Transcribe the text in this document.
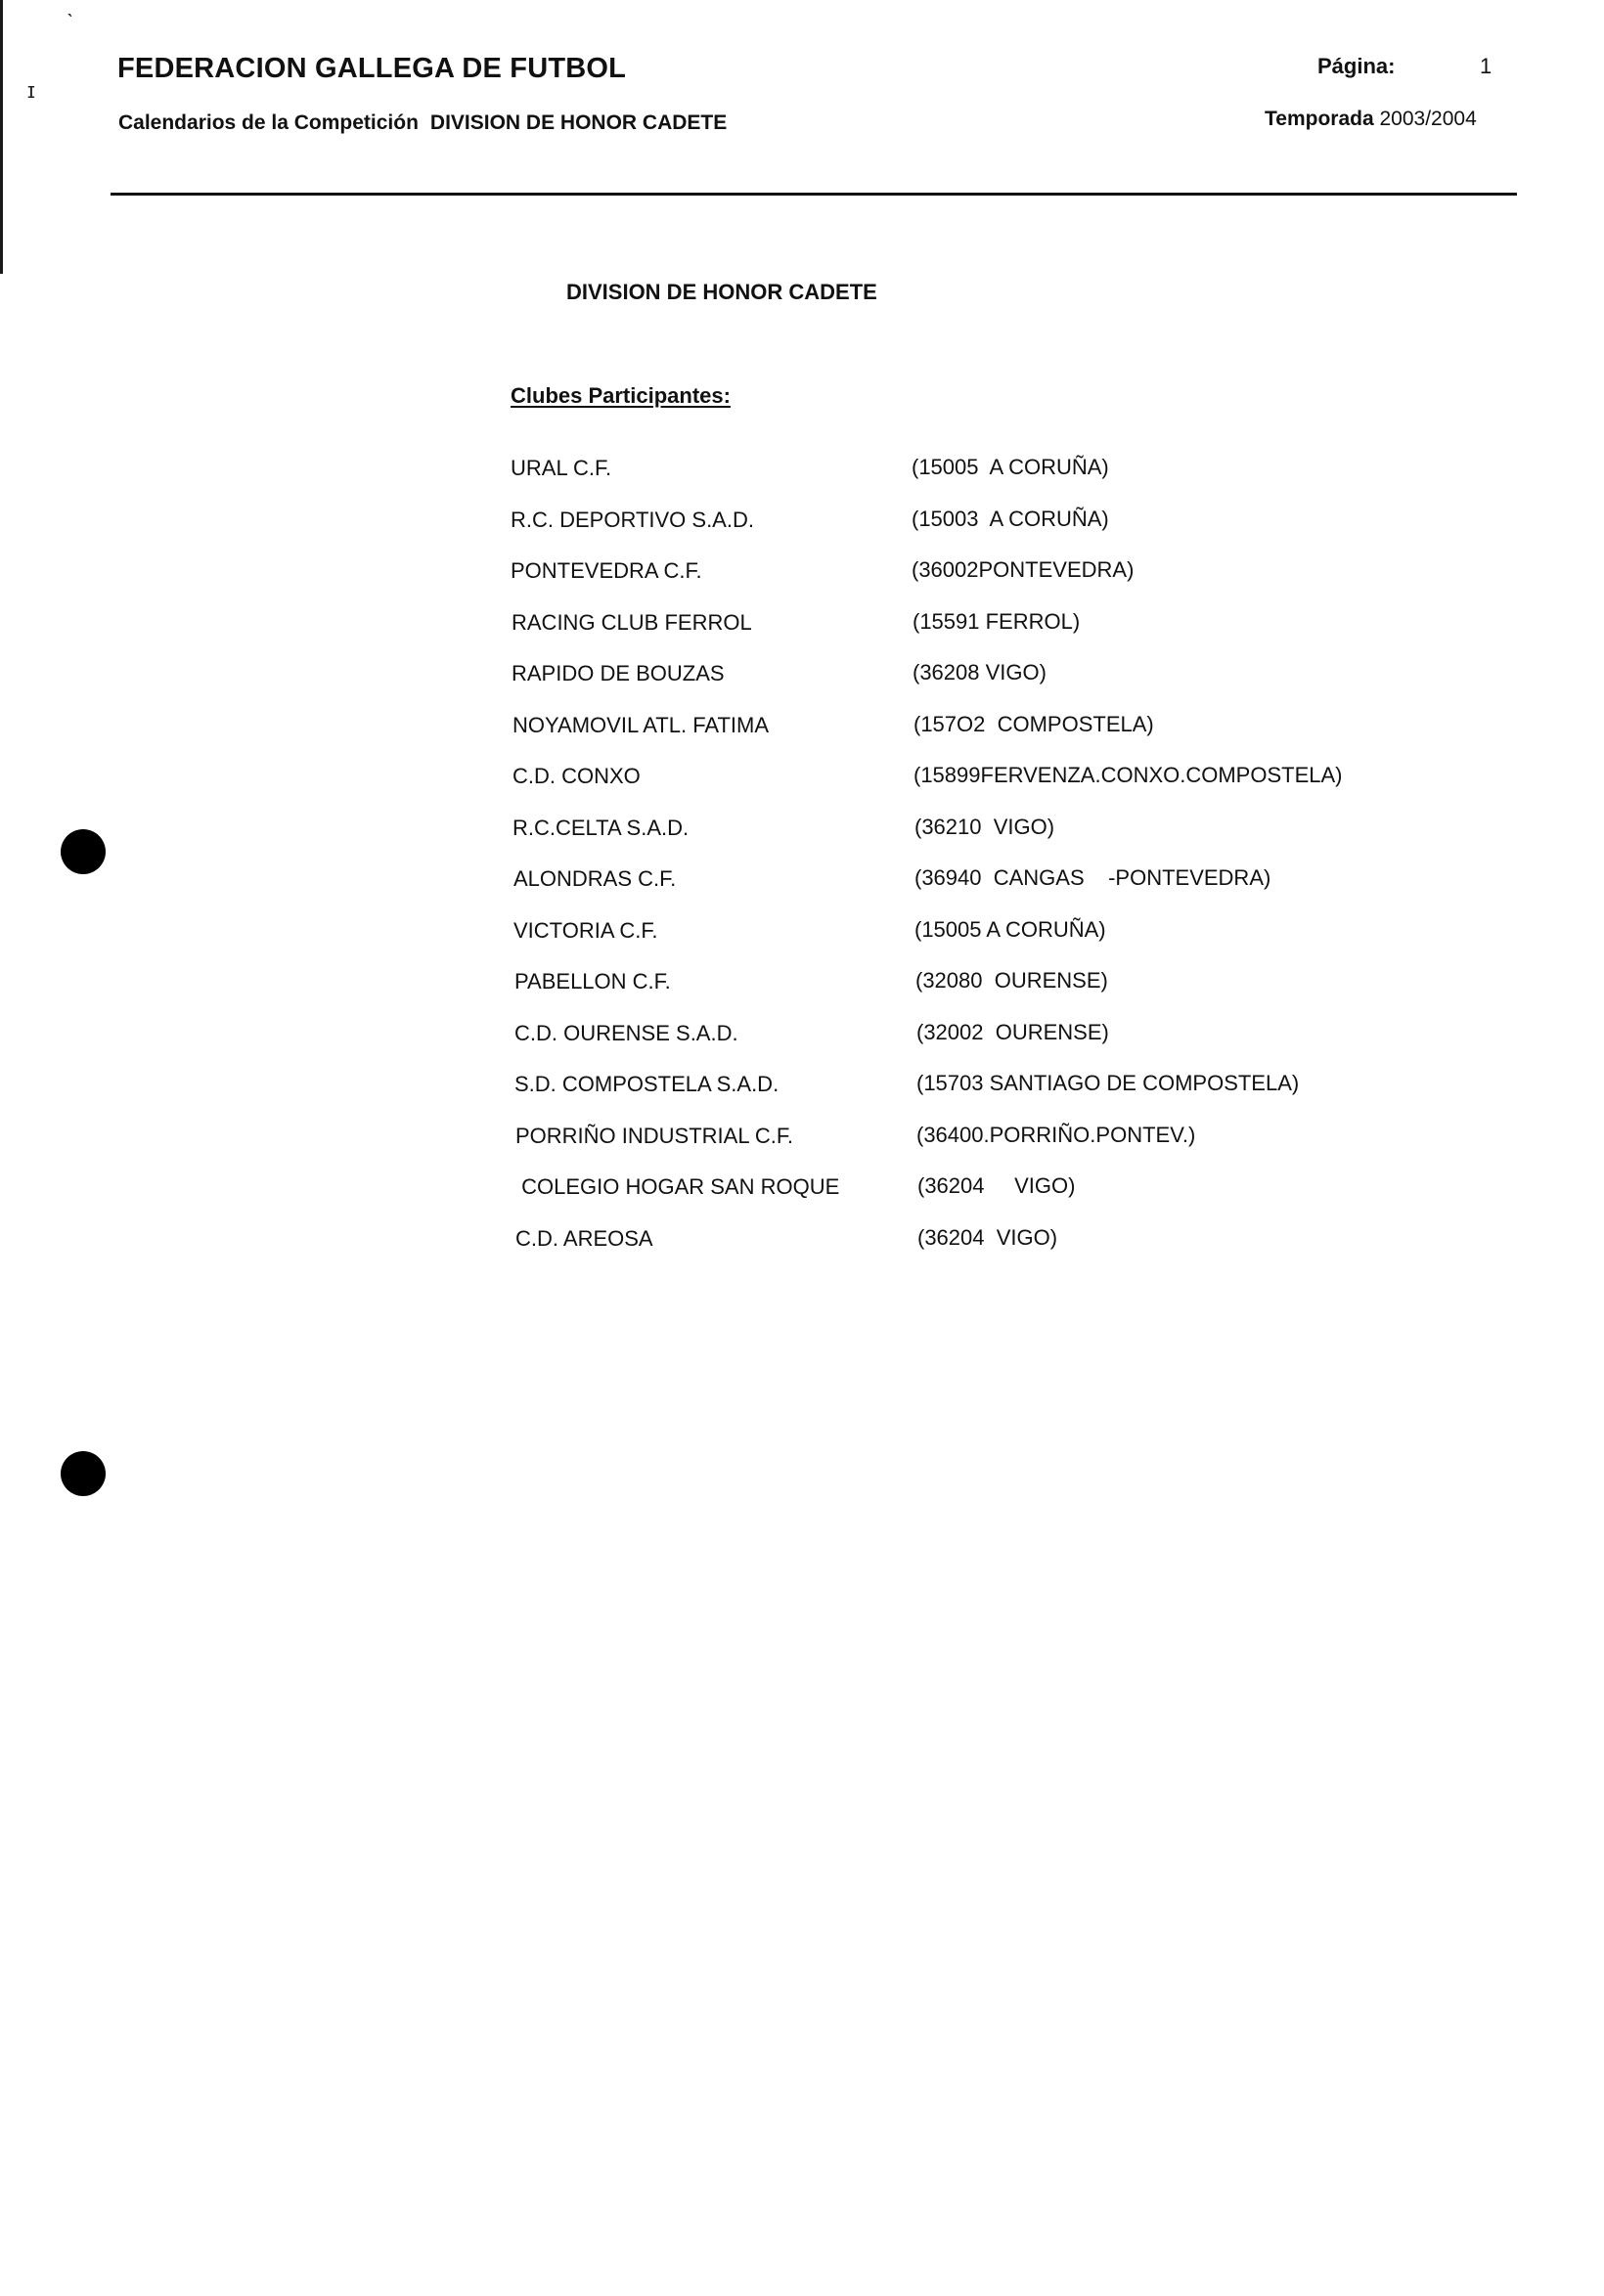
ˋ
ɪ
FEDERACION GALLEGA DE FUTBOL
Calendarios de la Competición DIVISION DE HONOR CADETE
Página:	1
Temporada 2003/2004
DIVISION DE HONOR CADETE
Clubes Participantes:
URAL C.F.	(15005  A CORUÑA)
R.C. DEPORTIVO S.A.D.	(15003  A CORUÑA)
PONTEVEDRA C.F.	(36002PONTEVEDRA)
RACING CLUB FERROL	(15591 FERROL)
RAPIDO DE BOUZAS	(36208 VIGO)
NOYAMOVIL ATL. FATIMA	(157O2  COMPOSTELA)
C.D. CONXO	(15899FERVENZA.CONXO.COMPOSTELA)
R.C.CELTA S.A.D.	(36210  VIGO)
ALONDRAS C.F.	(36940  CANGAS    -PONTEVEDRA)
VICTORIA C.F.	(15005 A CORUÑA)
PABELLON C.F.	(32080  OURENSE)
C.D. OURENSE S.A.D.	(32002  OURENSE)
S.D. COMPOSTELA S.A.D.	(15703 SANTIAGO DE COMPOSTELA)
PORRIÑO INDUSTRIAL C.F.	(36400.PORRIÑO.PONTEV.)
COLEGIO HOGAR SAN ROQUE	(36204     VIGO)
C.D. AREOSA	(36204  VIGO)
